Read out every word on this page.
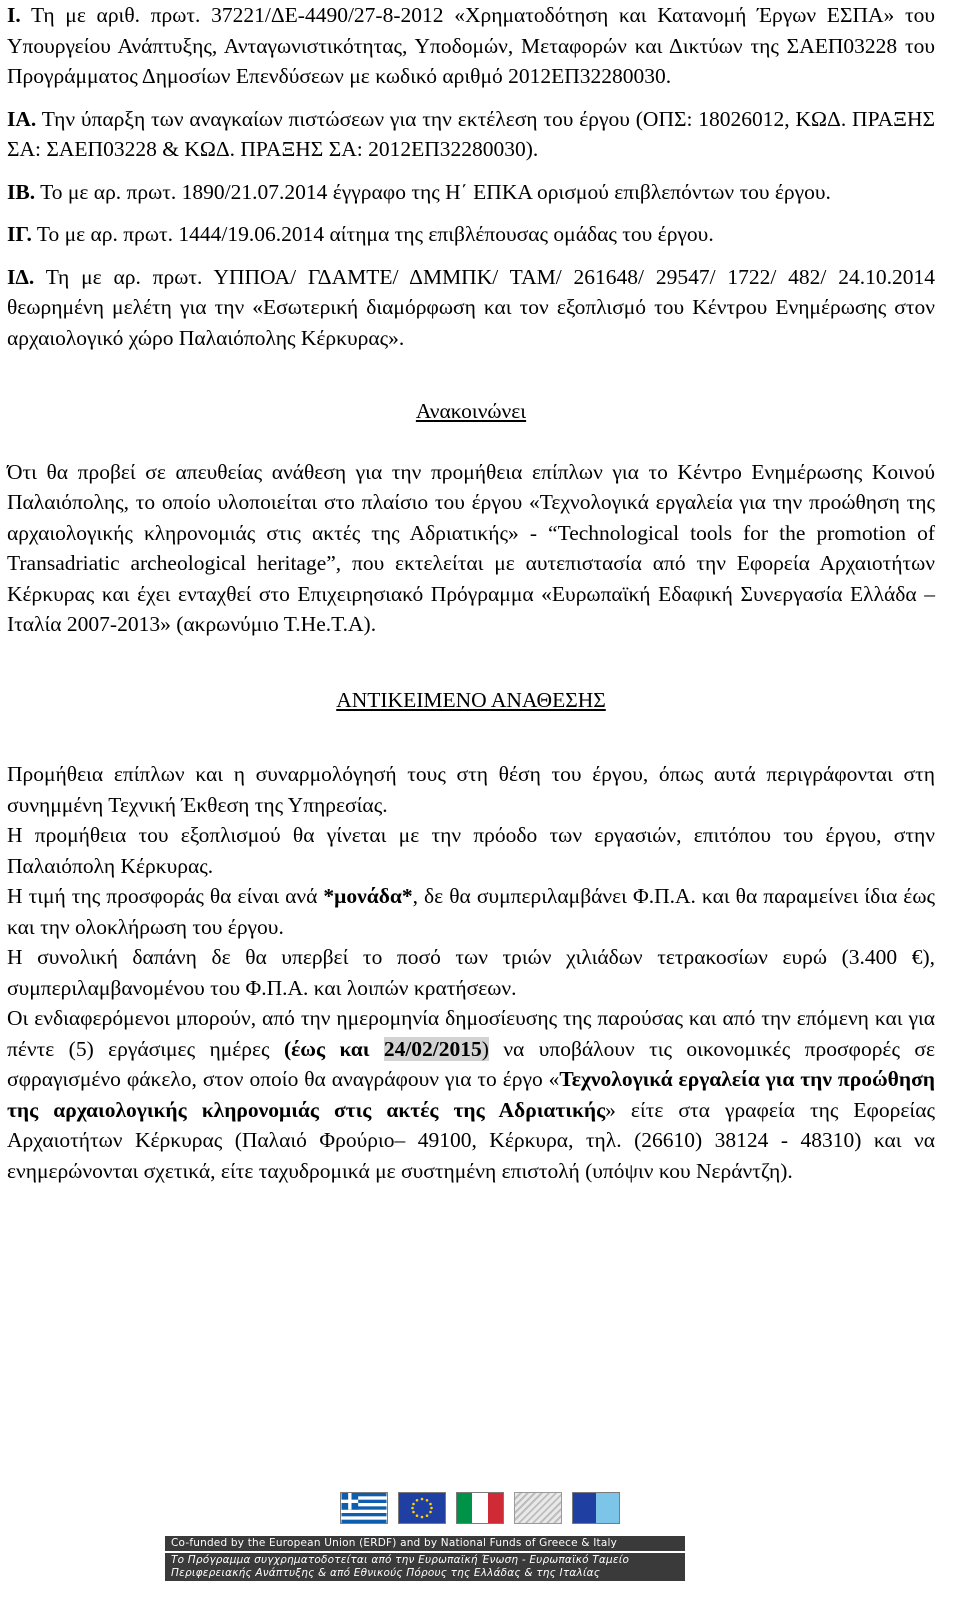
Ι. Τη με αριθ. πρωτ. 37221/ΔΕ-4490/27-8-2012 «Χρηματοδότηση και Κατανομή Έργων ΕΣΠΑ» του Υπουργείου Ανάπτυξης, Ανταγωνιστικότητας, Υποδομών, Μεταφορών και Δικτύων της ΣΑΕΠ03228 του Προγράμματος Δημοσίων Επενδύσεων με κωδικό αριθμό 2012ΕΠ32280030.

ΙΑ. Την ύπαρξη των αναγκαίων πιστώσεων για την εκτέλεση του έργου (ΟΠΣ: 18026012, ΚΩΔ. ΠΡΑΞΗΣ ΣΑ: ΣΑΕΠ03228 & ΚΩΔ. ΠΡΑΞΗΣ ΣΑ: 2012ΕΠ32280030).

ΙΒ. Το με αρ. πρωτ. 1890/21.07.2014 έγγραφο της Η΄ ΕΠΚΑ ορισμού επιβλεπόντων του έργου.

ΙΓ. Το με αρ. πρωτ. 1444/19.06.2014 αίτημα της επιβλέπουσας ομάδας του έργου.

ΙΔ. Τη με αρ. πρωτ. ΥΠΠΟΑ/ ΓΔΑΜΤΕ/ ΔΜΜΠΚ/ ΤΑΜ/ 261648/ 29547/ 1722/ 482/ 24.10.2014 θεωρημένη μελέτη για την «Εσωτερική διαμόρφωση και τον εξοπλισμό του Κέντρου Ενημέρωσης στον αρχαιολογικό χώρο Παλαιόπολης Κέρκυρας».

Ανακοινώνει

Ότι θα προβεί σε απευθείας ανάθεση για την προμήθεια επίπλων για το Κέντρο Ενημέρωσης Κοινού Παλαιόπολης, το οποίο υλοποιείται στο πλαίσιο του έργου «Τεχνολογικά εργαλεία για την προώθηση της αρχαιολογικής κληρονομιάς στις ακτές της Αδριατικής» - “Technological tools for the promotion of Transadriatic archeological heritage”, που εκτελείται με αυτεπιστασία από την Εφορεία Αρχαιοτήτων Κέρκυρας και έχει ενταχθεί στο Επιχειρησιακό Πρόγραμμα «Ευρωπαϊκή Εδαφική Συνεργασία Ελλάδα – Ιταλία 2007-2013» (ακρωνύμιο Τ.Ηe.Τ.Α).

ΑΝΤΙΚΕΙΜΕΝΟ ΑΝΑΘΕΣΗΣ

Προμήθεια επίπλων και η συναρμολόγησή τους στη θέση του έργου, όπως αυτά περιγράφονται στη συνημμένη Τεχνική Έκθεση της Υπηρεσίας.

Η προμήθεια του εξοπλισμού θα γίνεται με την πρόοδο των εργασιών, επιτόπου του έργου, στην Παλαιόπολη Κέρκυρας.

Η τιμή της προσφοράς θα είναι ανά *μονάδα*, δε θα συμπεριλαμβάνει Φ.Π.Α. και θα παραμείνει ίδια έως και την ολοκλήρωση του έργου.

Η συνολική δαπάνη δε θα υπερβεί το ποσό των τριών χιλιάδων τετρακοσίων ευρώ (3.400 €), συμπεριλαμβανομένου του Φ.Π.Α. και λοιπών κρατήσεων.

Οι ενδιαφερόμενοι μπορούν, από την ημερομηνία δημοσίευσης της παρούσας και από την επόμενη και για πέντε (5) εργάσιμες ημέρες (έως και 24/02/2015) να υποβάλουν τις οικονομικές προσφορές σε σφραγισμένο φάκελο, στον οποίο θα αναγράφουν για το έργο «Τεχνολογικά εργαλεία για την προώθηση της αρχαιολογικής κληρονομιάς στις ακτές της Αδριατικής» είτε στα γραφεία της Εφορείας Αρχαιοτήτων Κέρκυρας (Παλαιό Φρούριο– 49100, Κέρκυρα, τηλ. (26610) 38124 - 48310) και να ενημερώνονται σχετικά, είτε ταχυδρομικά με συστημένη επιστολή (υπόψιν κου Νεράντζη).

Co-funded by the European Union (ERDF) and by National Funds of Greece & Italy
Το Πρόγραμμα συγχρηματοδοτείται από την Ευρωπαϊκή Ένωση - Ευρωπαϊκό Ταμείο Περιφερειακής Ανάπτυξης & από Εθνικούς Πόρους της Ελλάδας & της Ιταλίας
